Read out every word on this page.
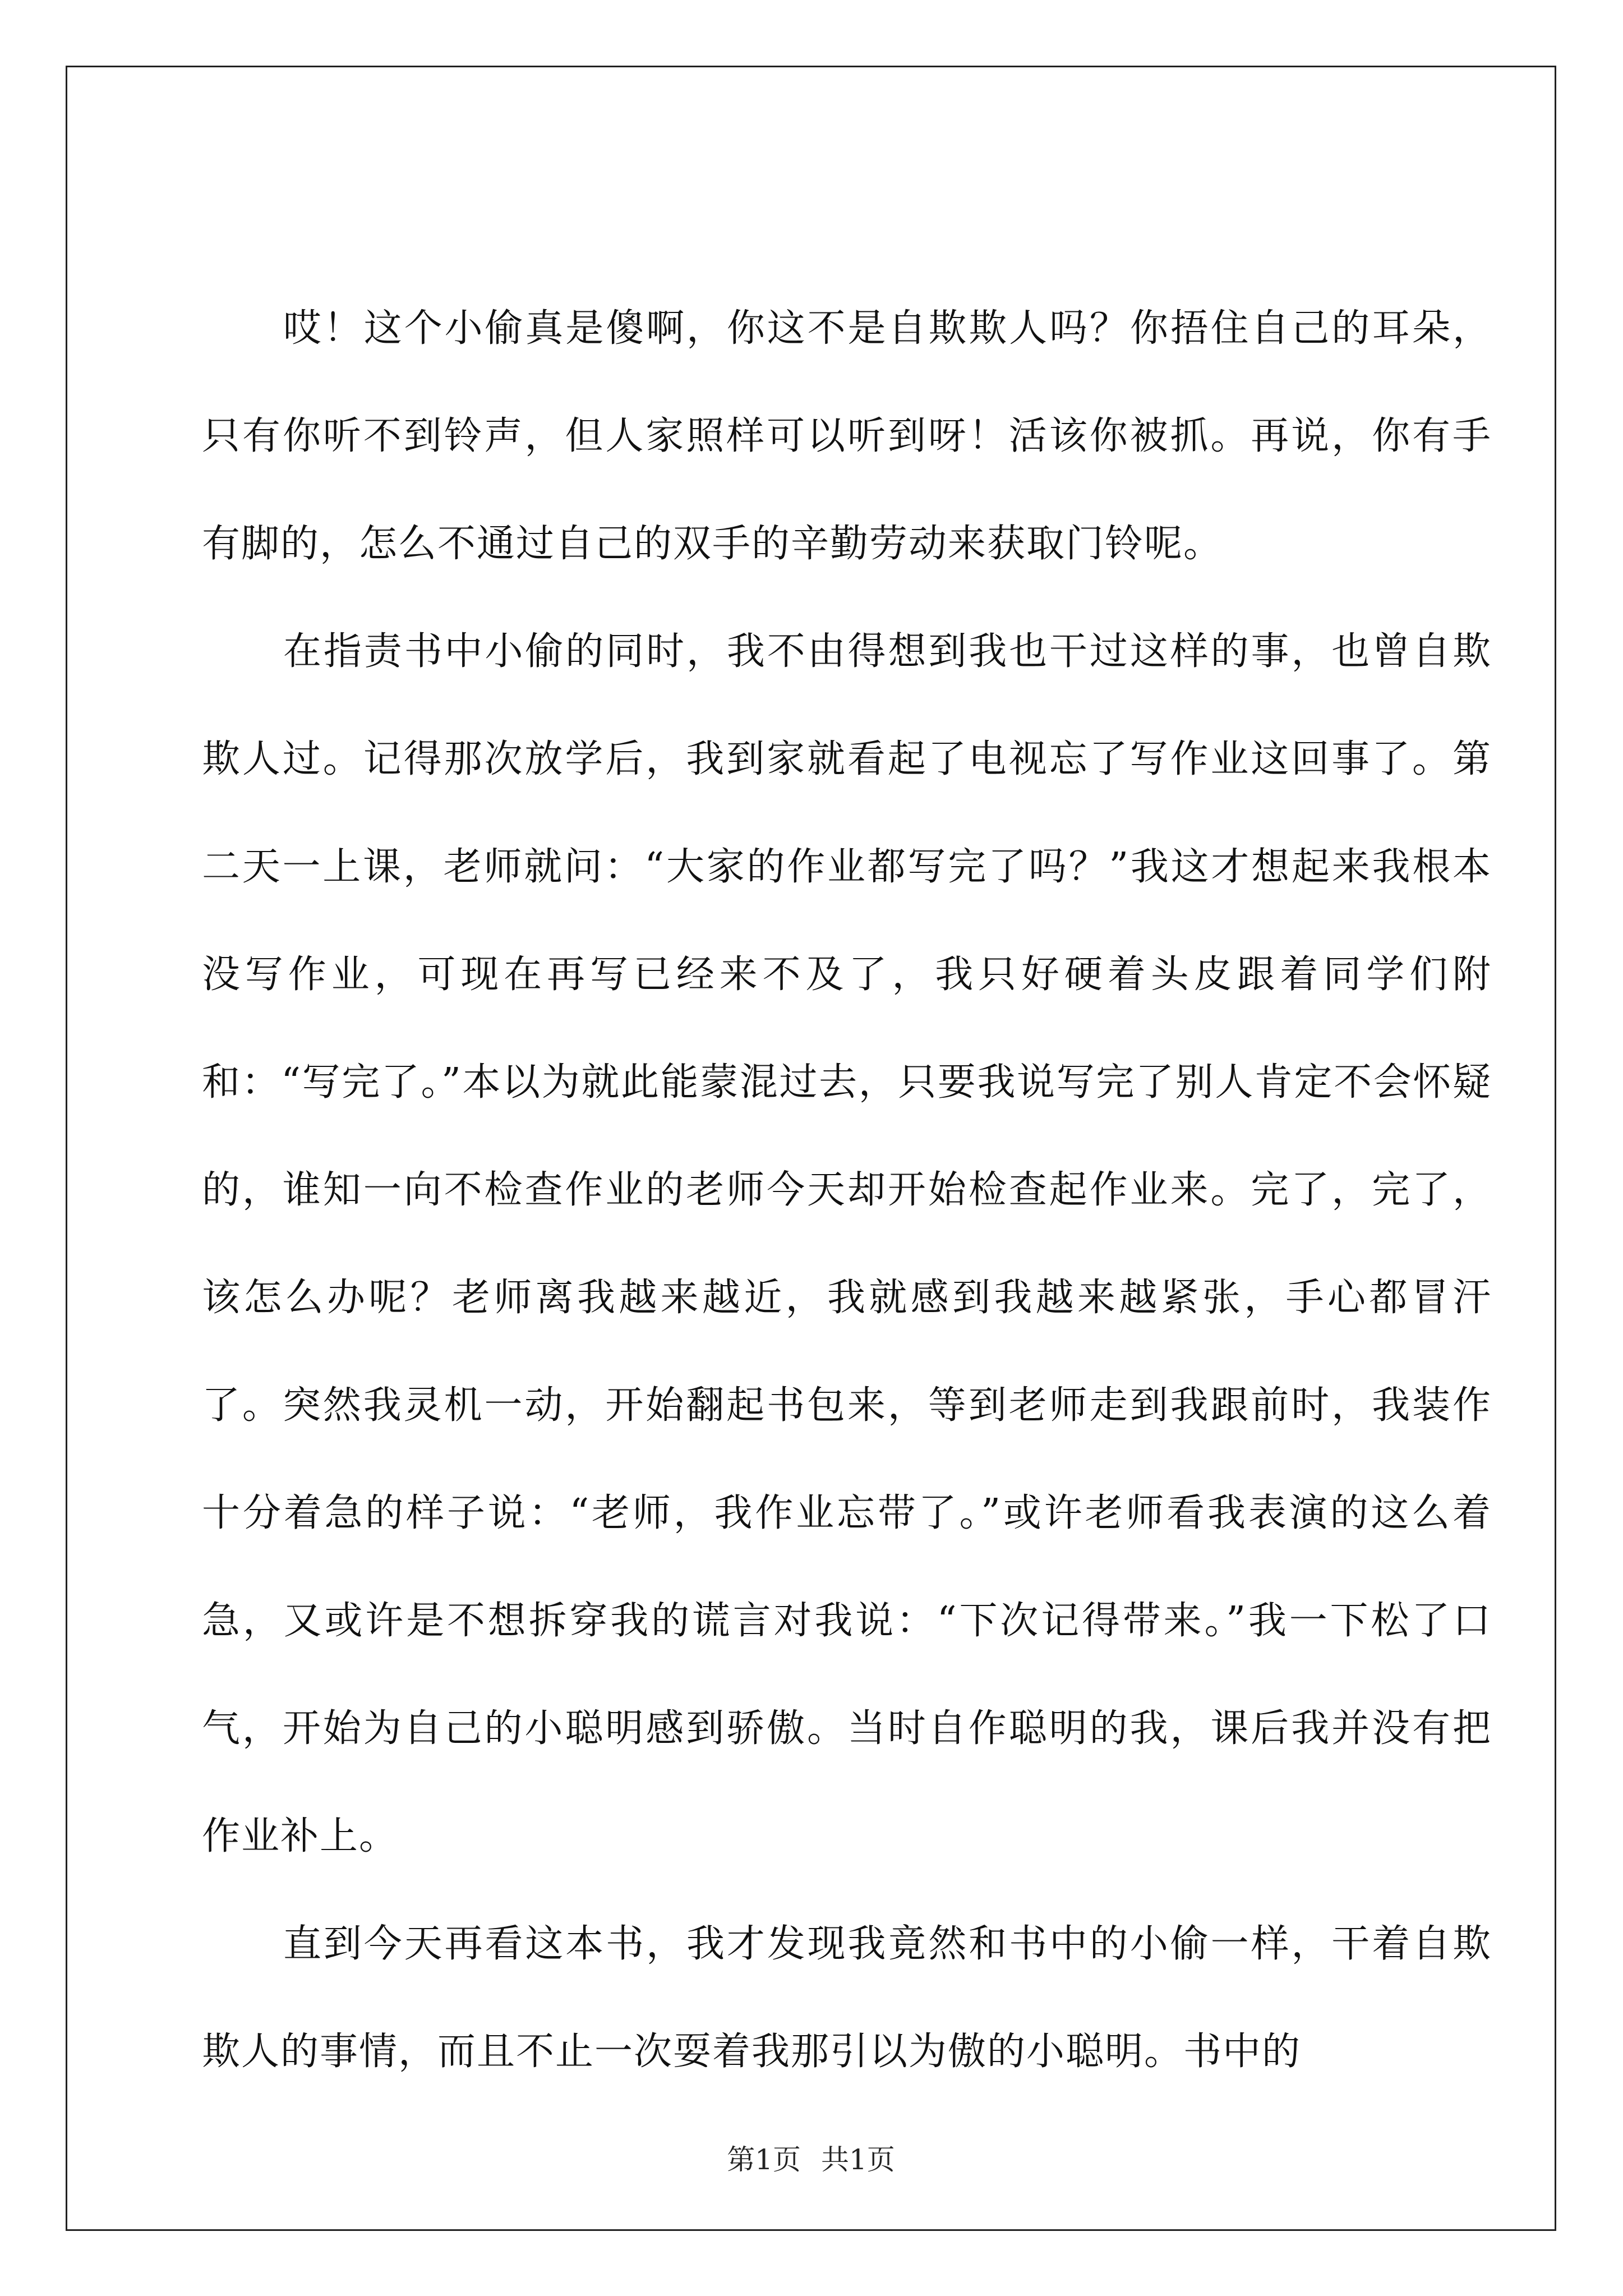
哎！这个小偷真是傻啊，你这不是自欺欺人吗？你捂住自己的耳朵，只有你听不到铃声，但人家照样可以听到呀！活该你被抓。再说，你有手有脚的，怎么不通过自己的双手的辛勤劳动来获取门铃呢。

在指责书中小偷的同时，我不由得想到我也干过这样的事，也曾自欺欺人过。记得那次放学后，我到家就看起了电视忘了写作业这回事了。第二天一上课，老师就问：“大家的作业都写完了吗？”我这才想起来我根本没写作业，可现在再写已经来不及了，我只好硬着头皮跟着同学们附和：“写完了。”本以为就此能蒙混过去，只要我说写完了别人肯定不会怀疑的，谁知一向不检查作业的老师今天却开始检查起作业来。完了，完了，该怎么办呢？老师离我越来越近，我就感到我越来越紧张，手心都冒汗了。突然我灵机一动，开始翻起书包来，等到老师走到我跟前时，我装作十分着急的样子说：“老师，我作业忘带了。”或许老师看我表演的这么着急，又或许是不想拆穿我的谎言对我说：“下次记得带来。”我一下松了口气，开始为自己的小聪明感到骄傲。当时自作聪明的我，课后我并没有把作业补上。

直到今天再看这本书，我才发现我竟然和书中的小偷一样，干着自欺欺人的事情，而且不止一次耍着我那引以为傲的小聪明。书中的

第1页 共1页
